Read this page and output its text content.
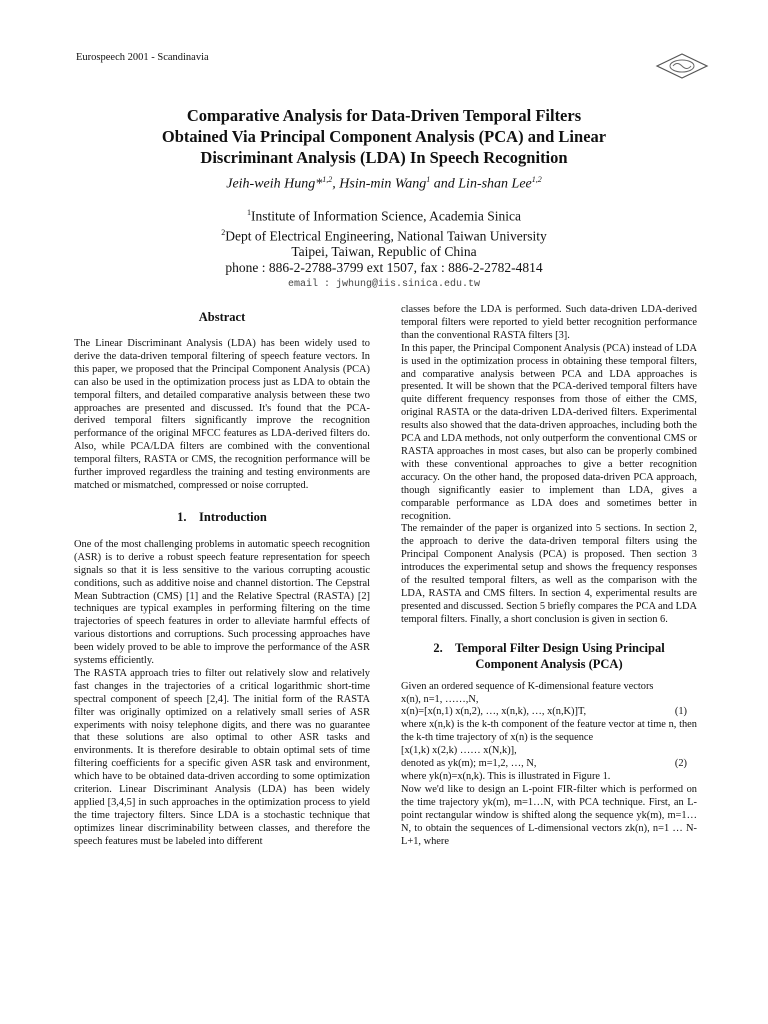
Eurospeech 2001 - Scandinavia
Comparative Analysis for Data-Driven Temporal Filters
Obtained Via Principal Component Analysis (PCA) and Linear
Discriminant Analysis (LDA) In Speech Recognition
Jeih-weih Hung*$^{1,2}$, Hsin-min Wang$^1$ and Lin-shan Lee$^{1,2}$
$^1$Institute of Information Science, Academia Sinica
$^2$Dept of Electrical Engineering, National Taiwan University
Taipei, Taiwan, Republic of China
phone : 886-2-2788-3799 ext 1507, fax : 886-2-2782-4814
email : jwhung@iis.sinica.edu.tw
Abstract

The Linear Discriminant Analysis (LDA) has been widely used to derive the data-driven temporal filtering of speech feature vectors. In this paper, we proposed that the Principal Component Analysis (PCA) can also be used in the optimization process just as LDA to obtain the temporal filters, and detailed comparative analysis between these two approaches are presented and discussed. It's found that the PCA-derived temporal filters significantly improve the recognition performance of the original MFCC features as LDA-derived filters do. Also, while PCA/LDA filters are combined with the conventional temporal filters, RASTA or CMS, the recognition performance will be further improved regardless the training and testing environments are matched or mismatched, compressed or noise corrupted.

1.    Introduction

One of the most challenging problems in automatic speech recognition (ASR) is to derive a robust speech feature representation for speech signals so that it is less sensitive to the various corrupting acoustic conditions, such as additive noise and channel distortion. The Cepstral Mean Subtraction (CMS) [1] and the Relative Spectral (RASTA) [2] techniques are typical examples in performing filtering on the time trajectories of speech features in order to alleviate harmful effects of various distortions and corruptions. Such processing approaches have been widely proved to be able to improve the performance of the ASR systems efficiently.

The RASTA approach tries to filter out relatively slow and relatively fast changes in the trajectories of a critical logarithmic short-time spectral component of speech [2,4]. The initial form of the RASTA filter was originally optimized on a relatively small series of ASR experiments with noisy telephone digits, and there was no guarantee that these solutions are also optimal to other ASR tasks and environments. It is therefore desirable to obtain optimal sets of time filtering coefficients for a specific given ASR task and environment, which have to be obtained data-driven according to some optimization criterion. Linear Discriminant Analysis (LDA) has been widely applied [3,4,5] in such approaches in the optimization process to yield the time trajectory filters. Since LDA is a stochastic technique that optimizes linear discriminability between classes, and therefore the speech features must be labeled into different

classes before the LDA is performed. Such data-driven LDA-derived temporal filters were reported to yield better recognition performance than the conventional RASTA filters [3].

In this paper, the Principal Component Analysis (PCA) instead of LDA is used in the optimization process in obtaining these temporal filters, and comparative analysis between PCA and LDA approaches is presented. It will be shown that the PCA-derived temporal filters have quite different frequency responses from those of either the CMS, original RASTA or the data-driven LDA-derived filters. Experimental results also showed that the data-driven approaches, including both the PCA and LDA methods, not only outperform the conventional CMS or RASTA approaches in most cases, but also can be properly combined with these conventional approaches to give a better recognition accuracy. On the other hand, the proposed data-driven PCA approach, though significantly easier to implement than LDA, gives a comparable performance as LDA does and sometimes better in recognition.

The remainder of the paper is organized into 5 sections. In section 2, the approach to derive the data-driven temporal filters using the Principal Component Analysis (PCA) is proposed. Then section 3 introduces the experimental setup and shows the frequency responses of the resulted temporal filters, as well as the comparison with the LDA, RASTA and CMS filters. In section 4, experimental results are presented and discussed. Section 5 briefly compares the PCA and LDA temporal filters. Finally, a short conclusion is given in section 6.

2.    Temporal Filter Design Using Principal Component Analysis (PCA)

Given an ordered sequence of K-dimensional feature vectors

x(n), n=1, ……,N,

x(n)=[x(n,1) x(n,2), …, x(n,k), …, x(n,K)]T,	(1)

where x(n,k) is the k-th component of the feature vector at time n, then the k-th time trajectory of x(n) is the sequence

[x(1,k) x(2,k) …… x(N,k)],

denoted as yk(m); m=1,2, …, N,	(2)

where yk(n)=x(n,k). This is illustrated in Figure 1.

Now we'd like to design an L-point FIR-filter which is performed on the time trajectory yk(m), m=1…N, with PCA technique. First, an L-point rectangular window is shifted along the sequence yk(m), m=1…N, to obtain the sequences of L-dimensional vectors zk(n), n=1 … N-L+1, where
